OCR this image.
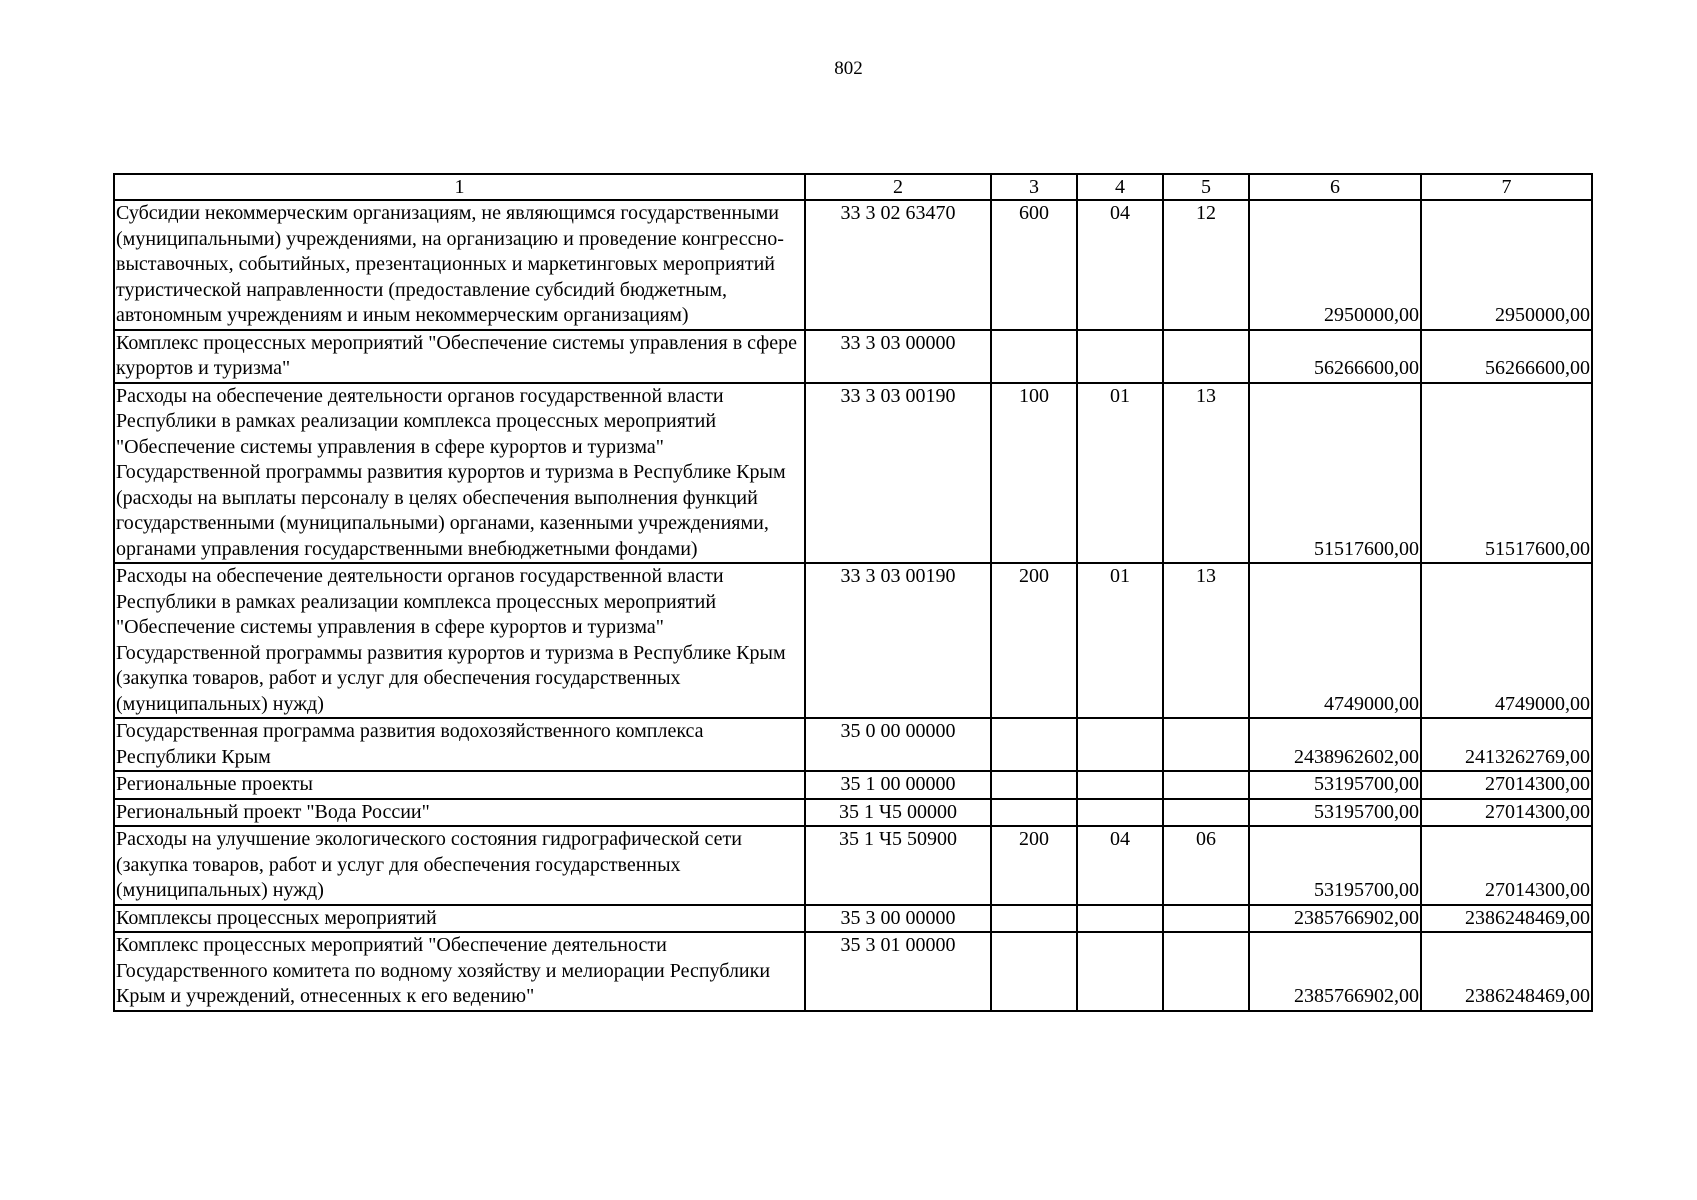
802
1	2	3	4	5	6	7
Субсидии некоммерческим организациям, не являющимся государственными (муниципальными) учреждениями, на организацию и проведение конгрессно-выставочных, событийных, презентационных и маркетинговых мероприятий туристической направленности (предоставление субсидий бюджетным, автономным учреждениям и иным некоммерческим организациям)	33 3 02 63470	600	04	12	2950000,00	2950000,00
Комплекс процессных мероприятий "Обеспечение системы управления в сфере курортов и туризма"	33 3 03 00000				56266600,00	56266600,00
Расходы на обеспечение деятельности органов государственной власти Республики в рамках реализации комплекса процессных мероприятий "Обеспечение системы управления в сфере курортов и туризма" Государственной программы развития курортов и туризма в Республике Крым (расходы на выплаты персоналу в целях обеспечения выполнения функций государственными (муниципальными) органами, казенными учреждениями, органами управления государственными внебюджетными фондами)	33 3 03 00190	100	01	13	51517600,00	51517600,00
Расходы на обеспечение деятельности органов государственной власти Республики в рамках реализации комплекса процессных мероприятий "Обеспечение системы управления в сфере курортов и туризма" Государственной программы развития курортов и туризма в Республике Крым (закупка товаров, работ и услуг для обеспечения государственных (муниципальных) нужд)	33 3 03 00190	200	01	13	4749000,00	4749000,00
Государственная программа развития водохозяйственного комплекса Республики Крым	35 0 00 00000				2438962602,00	2413262769,00
Региональные проекты	35 1 00 00000				53195700,00	27014300,00
Региональный проект "Вода России"	35 1 Ч5 00000				53195700,00	27014300,00
Расходы на улучшение экологического состояния гидрографической сети (закупка товаров, работ и услуг для обеспечения государственных (муниципальных) нужд)	35 1 Ч5 50900	200	04	06	53195700,00	27014300,00
Комплексы процессных мероприятий	35 3 00 00000				2385766902,00	2386248469,00
Комплекс процессных мероприятий "Обеспечение деятельности Государственного комитета по водному хозяйству и мелиорации Республики Крым и учреждений, отнесенных к его ведению"	35 3 01 00000				2385766902,00	2386248469,00
